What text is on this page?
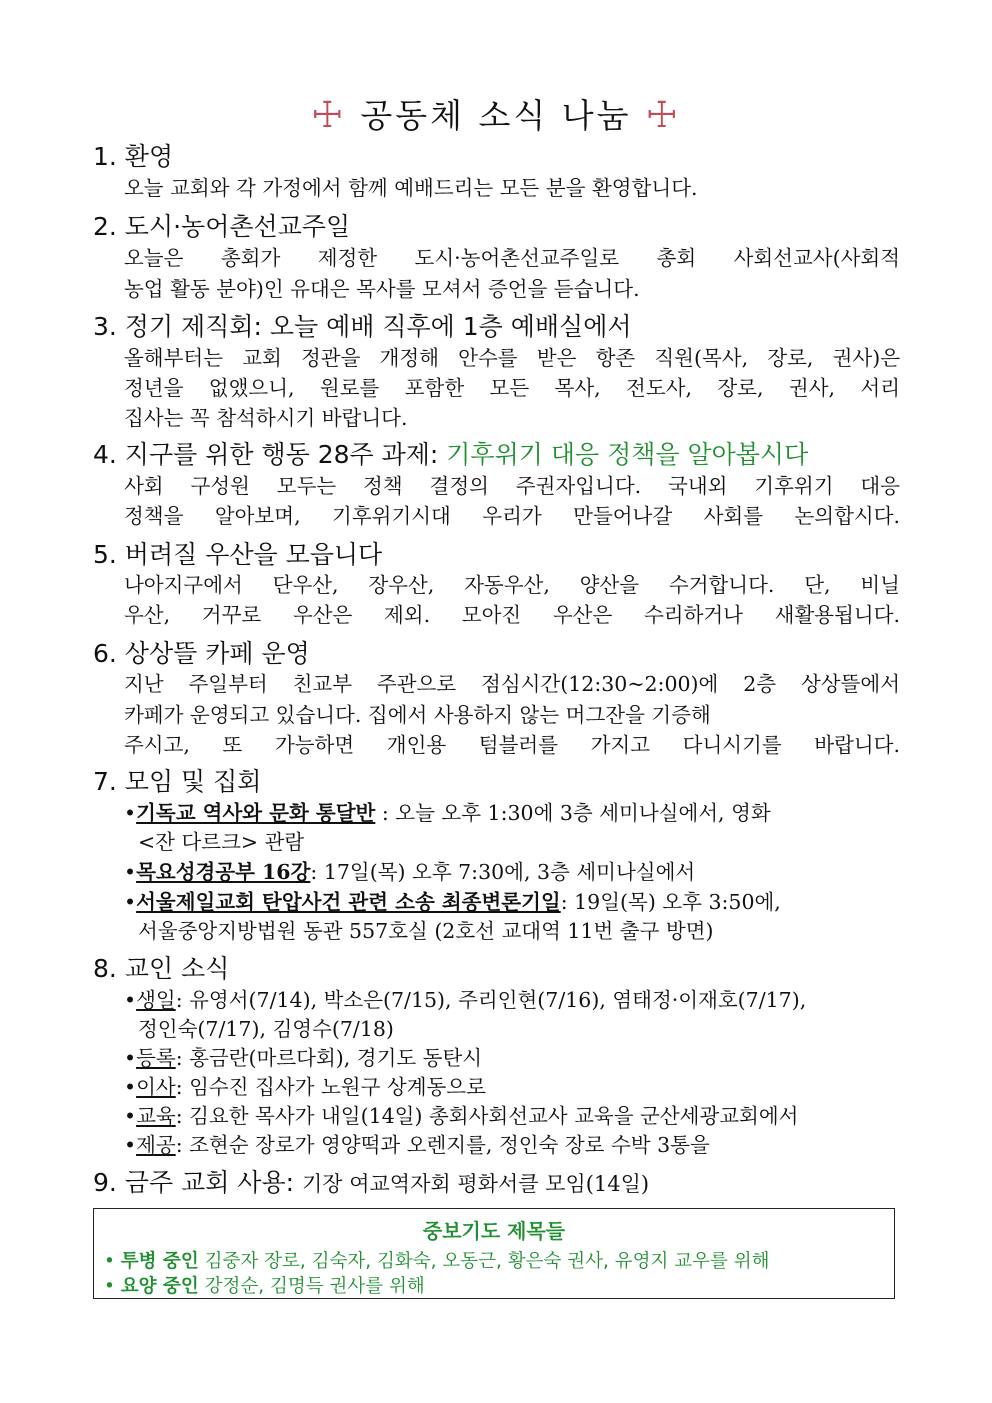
☩ 공동체 소식 나눔 ☩
1. 환영
오늘 교회와 각 가정에서 함께 예배드리는 모든 분을 환영합니다.
2. 도시·농어촌선교주일
오늘은 총회가 제정한 도시·농어촌선교주일로 총회 사회선교사(사회적
농업 활동 분야)인 유대은 목사를 모셔서 증언을 듣습니다.
3. 정기 제직회: 오늘 예배 직후에 1층 예배실에서
올해부터는 교회 정관을 개정해 안수를 받은 항존 직원(목사, 장로, 권사)은
정년을 없앴으니, 원로를 포함한 모든 목사, 전도사, 장로, 권사, 서리
집사는 꼭 참석하시기 바랍니다.
4. 지구를 위한 행동 28주 과제: 기후위기 대응 정책을 알아봅시다
사회 구성원 모두는 정책 결정의 주권자입니다. 국내외 기후위기 대응
정책을 알아보며, 기후위기시대 우리가 만들어나갈 사회를 논의합시다.
5. 버려질 우산을 모읍니다
나아지구에서 단우산, 장우산, 자동우산, 양산을 수거합니다. 단, 비닐
우산, 거꾸로 우산은 제외. 모아진 우산은 수리하거나 새활용됩니다.
6. 상상뜰 카페 운영
지난 주일부터 친교부 주관으로 점심시간(12:30~2:00)에 2층 상상뜰에서
카페가 운영되고 있습니다. 집에서 사용하지 않는 머그잔을 기증해
주시고, 또 가능하면 개인용 텀블러를 가지고 다니시기를 바랍니다.
7. 모임 및 집회
•기독교 역사와 문화 통달반 : 오늘 오후 1:30에 3층 세미나실에서, 영화
<잔 다르크> 관람
•목요성경공부 16강: 17일(목) 오후 7:30에, 3층 세미나실에서
•서울제일교회 탄압사건 관련 소송 최종변론기일: 19일(목) 오후 3:50에,
서울중앙지방법원 동관 557호실 (2호선 교대역 11번 출구 방면)
8. 교인 소식
•생일: 유영서(7/14), 박소은(7/15), 주리인현(7/16), 염태정·이재호(7/17),
정인숙(7/17), 김영수(7/18)
•등록: 홍금란(마르다회), 경기도 동탄시
•이사: 임수진 집사가 노원구 상계동으로
•교육: 김요한 목사가 내일(14일) 총회사회선교사 교육을 군산세광교회에서
•제공: 조현순 장로가 영양떡과 오렌지를, 정인숙 장로 수박 3통을
9. 금주 교회 사용: 기장 여교역자회 평화서클 모임(14일)
중보기도 제목들
• 투병 중인 김중자 장로, 김숙자, 김화숙, 오동근, 황은숙 권사, 유영지 교우를 위해
• 요양 중인 강정순, 김명득 권사를 위해
